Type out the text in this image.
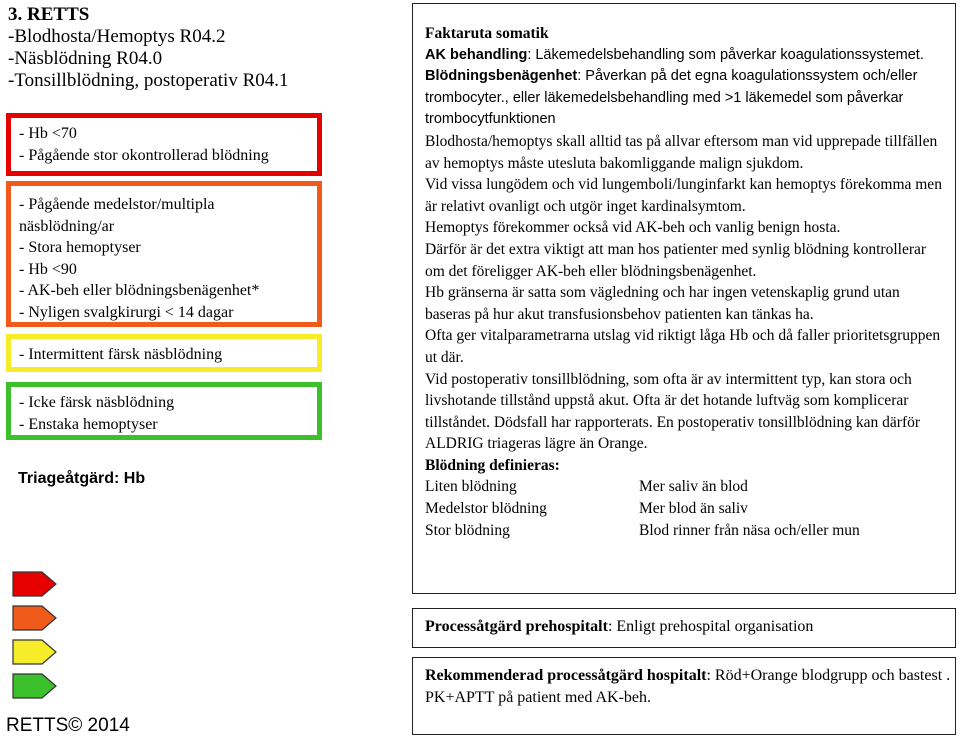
3. RETTS
-Blodhosta/Hemoptys R04.2
-Näsblödning R04.0
-Tonsillblödning, postoperativ R04.1
- Hb <70
- Pågående stor okontrollerad blödning
- Pågående medelstor/multipla
näsblödning/ar
- Stora hemoptyser
- Hb <90
- AK-beh eller blödningsbenägenhet*
- Nyligen svalgkirurgi < 14 dagar
- Intermittent färsk näsblödning
- Icke färsk näsblödning
- Enstaka hemoptyser
Triageåtgärd: Hb
RETTS© 2014

Faktaruta somatik

AK behandling: Läkemedelsbehandling som påverkar koagulationssystemet.

Blödningsbenägenhet: Påverkan på det egna koagulationssystem och/eller trombocyter., eller läkemedelsbehandling med >1 läkemedel som påverkar trombocytfunktionen

Blodhosta/hemoptys skall alltid tas på allvar eftersom man vid upprepade tillfällen av hemoptys måste utesluta bakomliggande malign sjukdom.

Vid vissa lungödem och vid lungemboli/lunginfarkt kan hemoptys förekomma men är relativt ovanligt och utgör inget kardinalsymtom.

Hemoptys förekommer också vid AK-beh och vanlig benign hosta.

Därför är det extra viktigt att man hos patienter med synlig blödning kontrollerar om det föreligger AK-beh eller blödningsbenägenhet.

Hb gränserna är satta som vägledning och har ingen vetenskaplig grund utan baseras på hur akut transfusionsbehov patienten kan tänkas ha.

Ofta ger vitalparametrarna utslag vid riktigt låga Hb och då faller prioritetsgruppen ut där.

Vid postoperativ tonsillblödning, som ofta är av intermittent typ, kan stora och livshotande tillstånd uppstå akut. Ofta är det hotande luftväg som komplicerar tillståndet. Dödsfall har rapporterats. En postoperativ tonsillblödning kan därför ALDRIG triageras lägre än Orange.

Blödning definieras:

Liten blödning	Mer saliv än blod
Medelstor blödning	Mer blod än saliv
Stor blödning	Blod rinner från näsa och/eller mun
Processåtgärd prehospitalt: Enligt prehospital organisation
Rekommenderad processåtgärd hospitalt: Röd+Orange blodgrupp och bastest . PK+APTT på patient med AK-beh.
